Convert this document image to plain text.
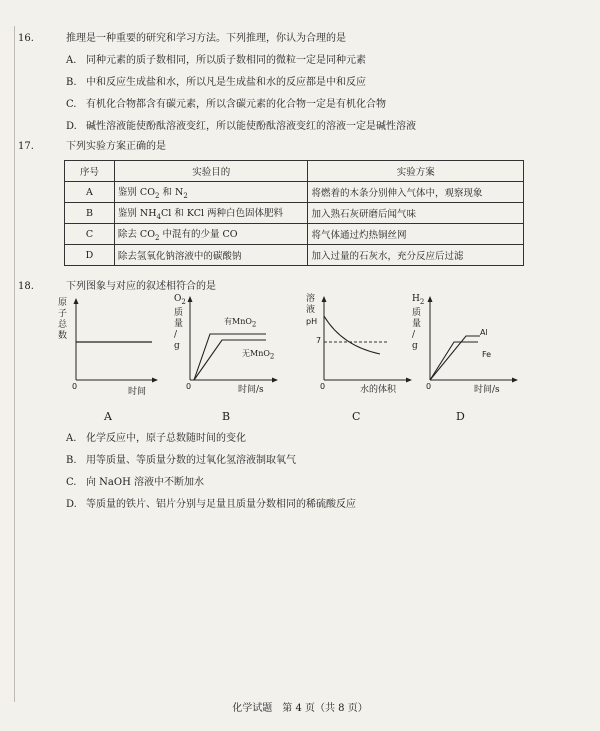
16.	推理是一种重要的研究和学习方法。下列推理，你认为合理的是
A. 同种元素的质子数相同，所以质子数相同的微粒一定是同种元素
B. 中和反应生成盐和水，所以凡是生成盐和水的反应都是中和反应
C. 有机化合物都含有碳元素，所以含碳元素的化合物一定是有机化合物
D. 碱性溶液能使酚酞溶液变红，所以能使酚酞溶液变红的溶液一定是碱性溶液
17.	下列实验方案正确的是
序号	实验目的	实验方案
A	鉴别 $CO_2$ 和 $N_2$	将燃着的木条分别伸入气体中，观察现象
B	鉴别 $NH_4Cl$ 和 KCl 两种白色固体肥料	加入熟石灰研磨后闻气味
C	除去 $CO_2$ 中混有的少量 CO	将气体通过灼热铜丝网
D	除去氢氧化钠溶液中的碳酸钠	加入过量的石灰水，充分反应后过滤
18.	下列图象与对应的叙述相符合的是
原
子
总
数
0
时间
A
$O_2$
质
量
/
g
有MnO$_2$
无MnO$_2$
0	时间/s
B
溶
液
pH
7
0	水的体积
C
$H_2$
质
量
/
g
Al
Fe
0	时间/s
D
A. 化学反应中，原子总数随时间的变化
B. 用等质量、等质量分数的过氧化氢溶液制取氧气
C. 向 NaOH 溶液中不断加水
D. 等质量的铁片、铝片分别与足量且质量分数相同的稀硫酸反应
化学试题　第 4 页（共 8 页）
